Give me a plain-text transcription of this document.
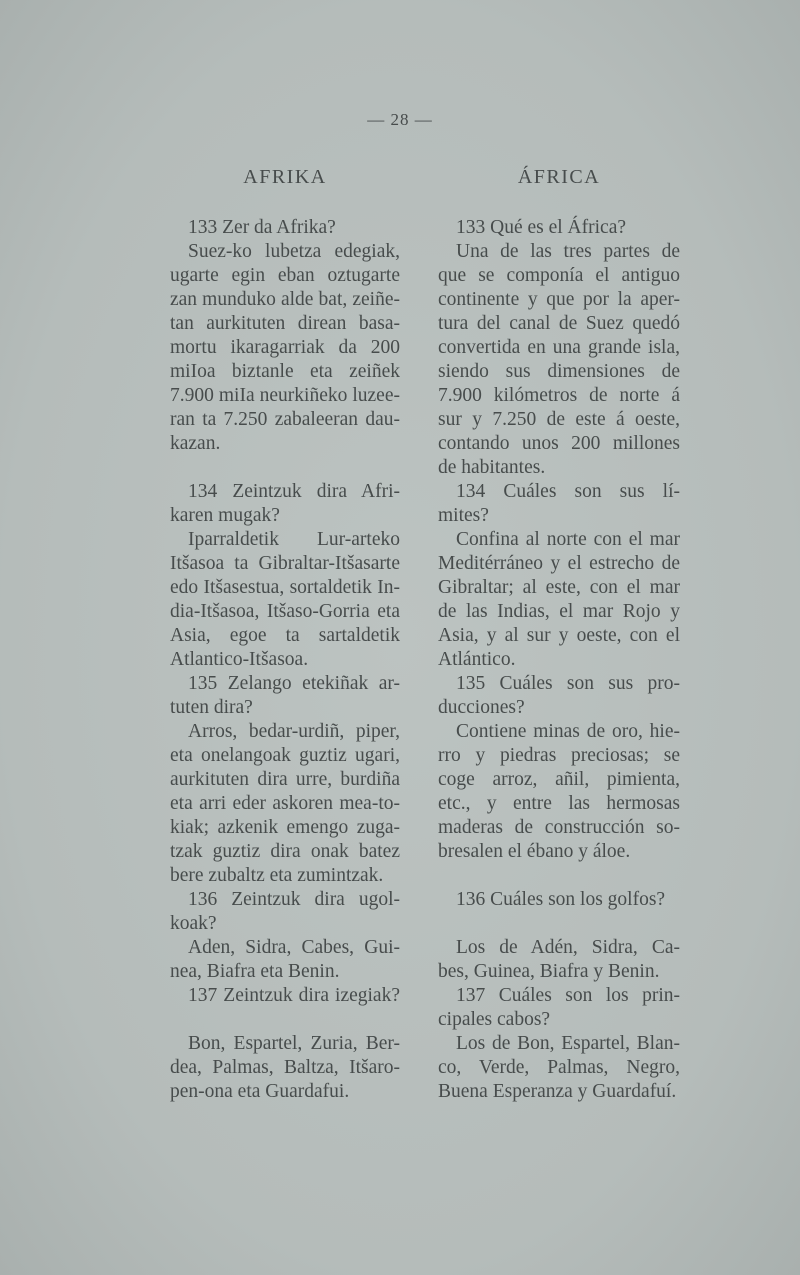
— 28 —
AFRIKA	ÁFRICA
133 Zer da Afrika?
Suez-ko lubetza edegiak,
ugarte egin eban oztugarte
zan munduko alde bat, zeiñe-
tan aurkituten direan basa-
mortu ikaragarriak da 200
miIoa biztanle eta zeiñek
7.900 miIa neurkiñeko luzee-
ran ta 7.250 zabaleeran dau-
kazan.
134 Zeintzuk dira Afri-
karen mugak?
Iparraldetik Lur-arteko
Itšasoa ta Gibraltar-Itšasarte
edo Itšasestua, sortaldetik In-
dia-Itšasoa, Itšaso-Gorria eta
Asia, egoe ta sartaldetik
Atlantico-Itšasoa.
135 Zelango etekiñak ar-
tuten dira?
Arros, bedar-urdiñ, piper,
eta onelangoak guztiz ugari,
aurkituten dira urre, burdiña
eta arri eder askoren mea-to-
kiak; azkenik emengo zuga-
tzak guztiz dira onak batez
bere zubaltz eta zumintzak.
136 Zeintzuk dira ugol-
koak?
Aden, Sidra, Cabes, Gui-
nea, Biafra eta Benin.
137 Zeintzuk dira izegiak?
Bon, Espartel, Zuria, Ber-
dea, Palmas, Baltza, Itšaro-
pen-ona eta Guardafui.
133 Qué es el África?
Una de las tres partes de
que se componía el antiguo
continente y que por la aper-
tura del canal de Suez quedó
convertida en una grande isla,
siendo sus dimensiones de
7.900 kilómetros de norte á
sur y 7.250 de este á oeste,
contando unos 200 millones
de habitantes.
134 Cuáles son sus lí-
mites?
Confina al norte con el mar
Meditérráneo y el estrecho de
Gibraltar; al este, con el mar
de las Indias, el mar Rojo y
Asia, y al sur y oeste, con el
Atlántico.
135 Cuáles son sus pro-
ducciones?
Contiene minas de oro, hie-
rro y piedras preciosas; se
coge arroz, añil, pimienta,
etc., y entre las hermosas
maderas de construcción so-
bresalen el ébano y áloe.
136 Cuáles son los golfos?
Los de Adén, Sidra, Ca-
bes, Guinea, Biafra y Benin.
137 Cuáles son los prin-
cipales cabos?
Los de Bon, Espartel, Blan-
co, Verde, Palmas, Negro,
Buena Esperanza y Guardafuí.
